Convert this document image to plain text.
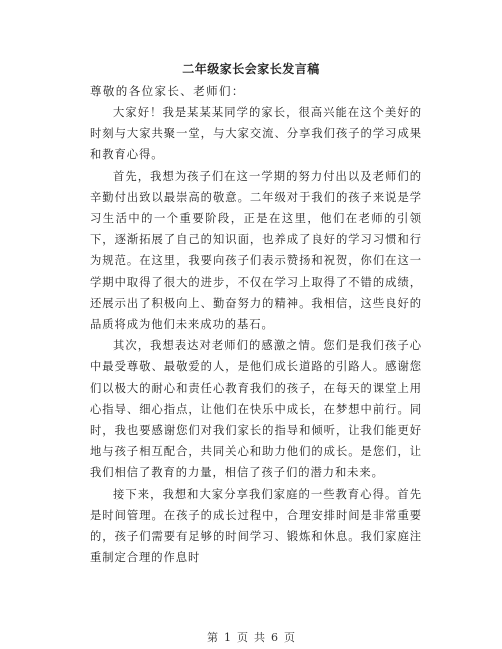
二年级家长会家长发言稿
尊敬的各位家长、老师们：

大家好！我是某某某同学的家长，很高兴能在这个美好的时刻与大家共聚一堂，与大家交流、分享我们孩子的学习成果和教育心得。

首先，我想为孩子们在这一学期的努力付出以及老师们的辛勤付出致以最崇高的敬意。二年级对于我们的孩子来说是学习生活中的一个重要阶段，正是在这里，他们在老师的引领下，逐渐拓展了自己的知识面，也养成了良好的学习习惯和行为规范。在这里，我要向孩子们表示赞扬和祝贺，你们在这一学期中取得了很大的进步，不仅在学习上取得了不错的成绩，还展示出了积极向上、勤奋努力的精神。我相信，这些良好的品质将成为他们未来成功的基石。

其次，我想表达对老师们的感激之情。您们是我们孩子心中最受尊敬、最敬爱的人，是他们成长道路的引路人。感谢您们以极大的耐心和责任心教育我们的孩子，在每天的课堂上用心指导、细心指点，让他们在快乐中成长，在梦想中前行。同时，我也要感谢您们对我们家长的指导和倾听，让我们能更好地与孩子相互配合，共同关心和助力他们的成长。是您们，让我们相信了教育的力量，相信了孩子们的潜力和未来。

接下来，我想和大家分享我们家庭的一些教育心得。首先是时间管理。在孩子的成长过程中，合理安排时间是非常重要的，孩子们需要有足够的时间学习、锻炼和休息。我们家庭注重制定合理的作息时

第 1 页 共 6 页
